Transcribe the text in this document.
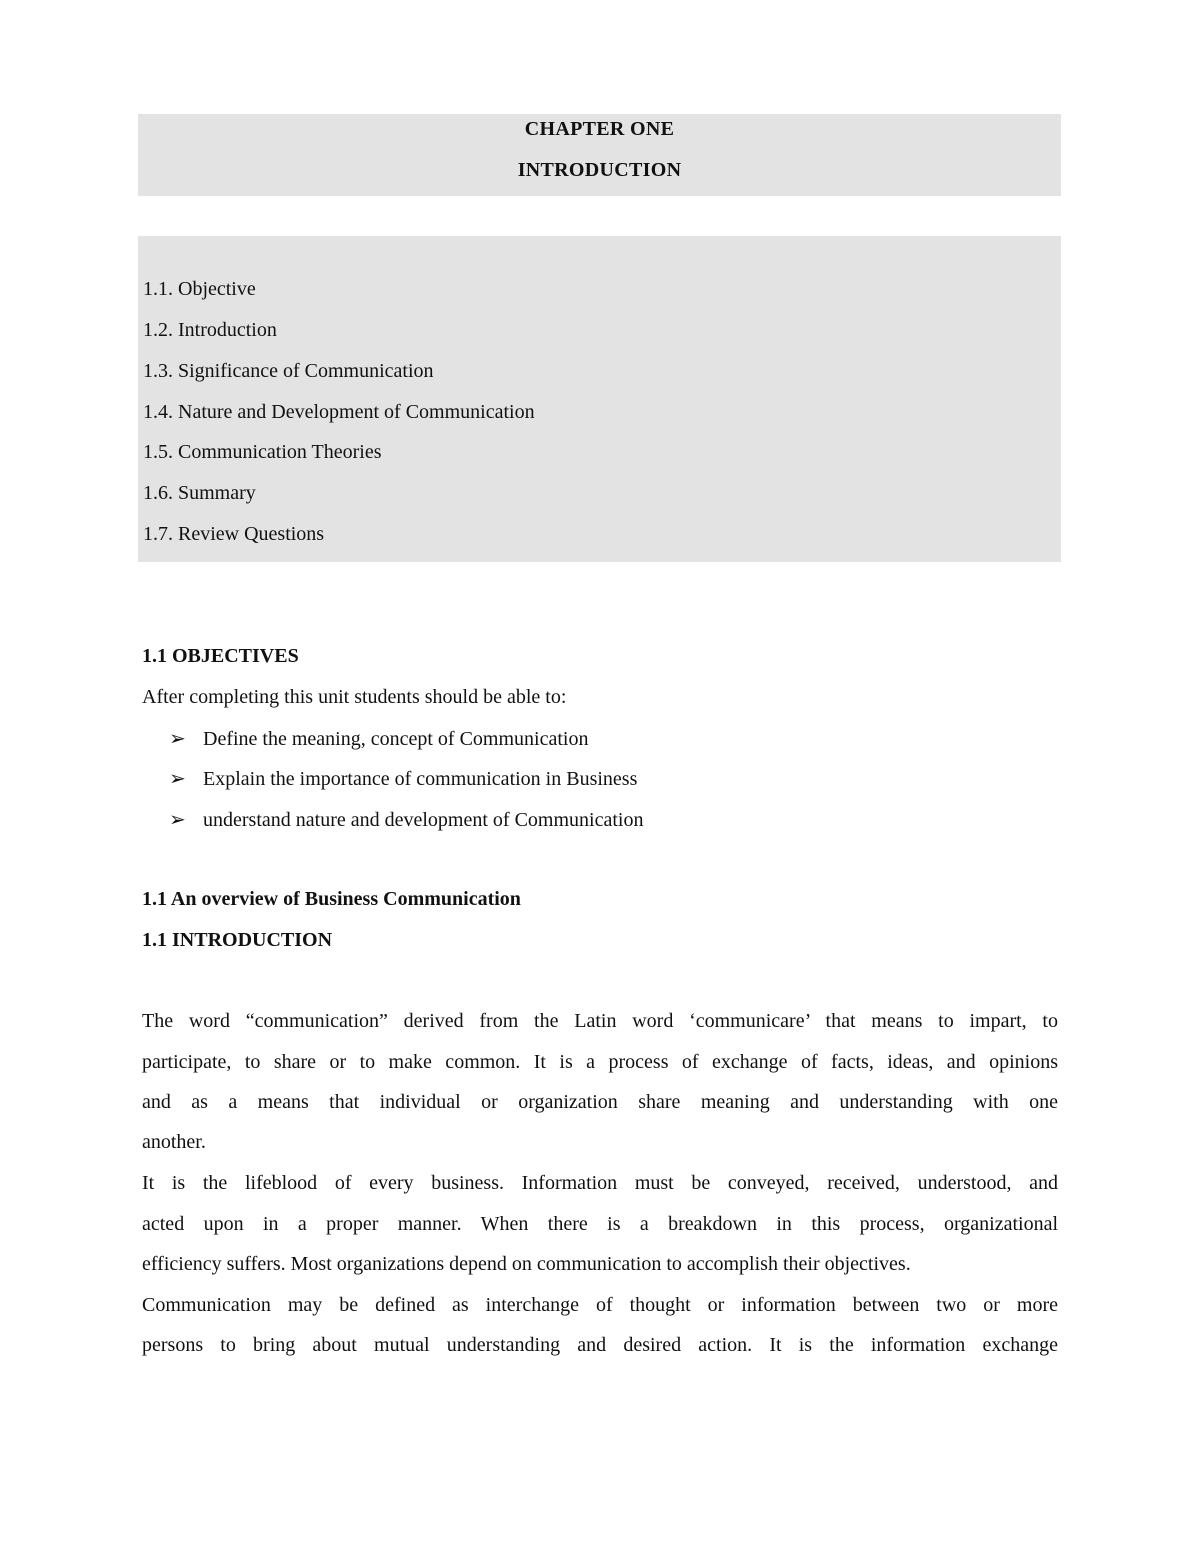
CHAPTER ONE
INTRODUCTION
1.1. Objective
1.2. Introduction
1.3. Significance of Communication
1.4. Nature and Development of Communication
1.5. Communication Theories
1.6. Summary
1.7. Review Questions
1.1 OBJECTIVES
After completing this unit students should be able to:
➢ Define the meaning, concept of Communication
➢ Explain the importance of communication in Business
➢ understand nature and development of Communication
1.1 An overview of Business Communication
1.1 INTRODUCTION
The word “communication” derived from the Latin word ‘communicare’ that means to impart, to
participate, to share or to make common. It is a process of exchange of facts, ideas, and opinions
and as a means that individual or organization share meaning and understanding with one
another.
It is the lifeblood of every business. Information must be conveyed, received, understood, and
acted upon in a proper manner. When there is a breakdown in this process, organizational
efficiency suffers. Most organizations depend on communication to accomplish their objectives.
Communication may be defined as interchange of thought or information between two or more
persons to bring about mutual understanding and desired action. It is the information exchange
